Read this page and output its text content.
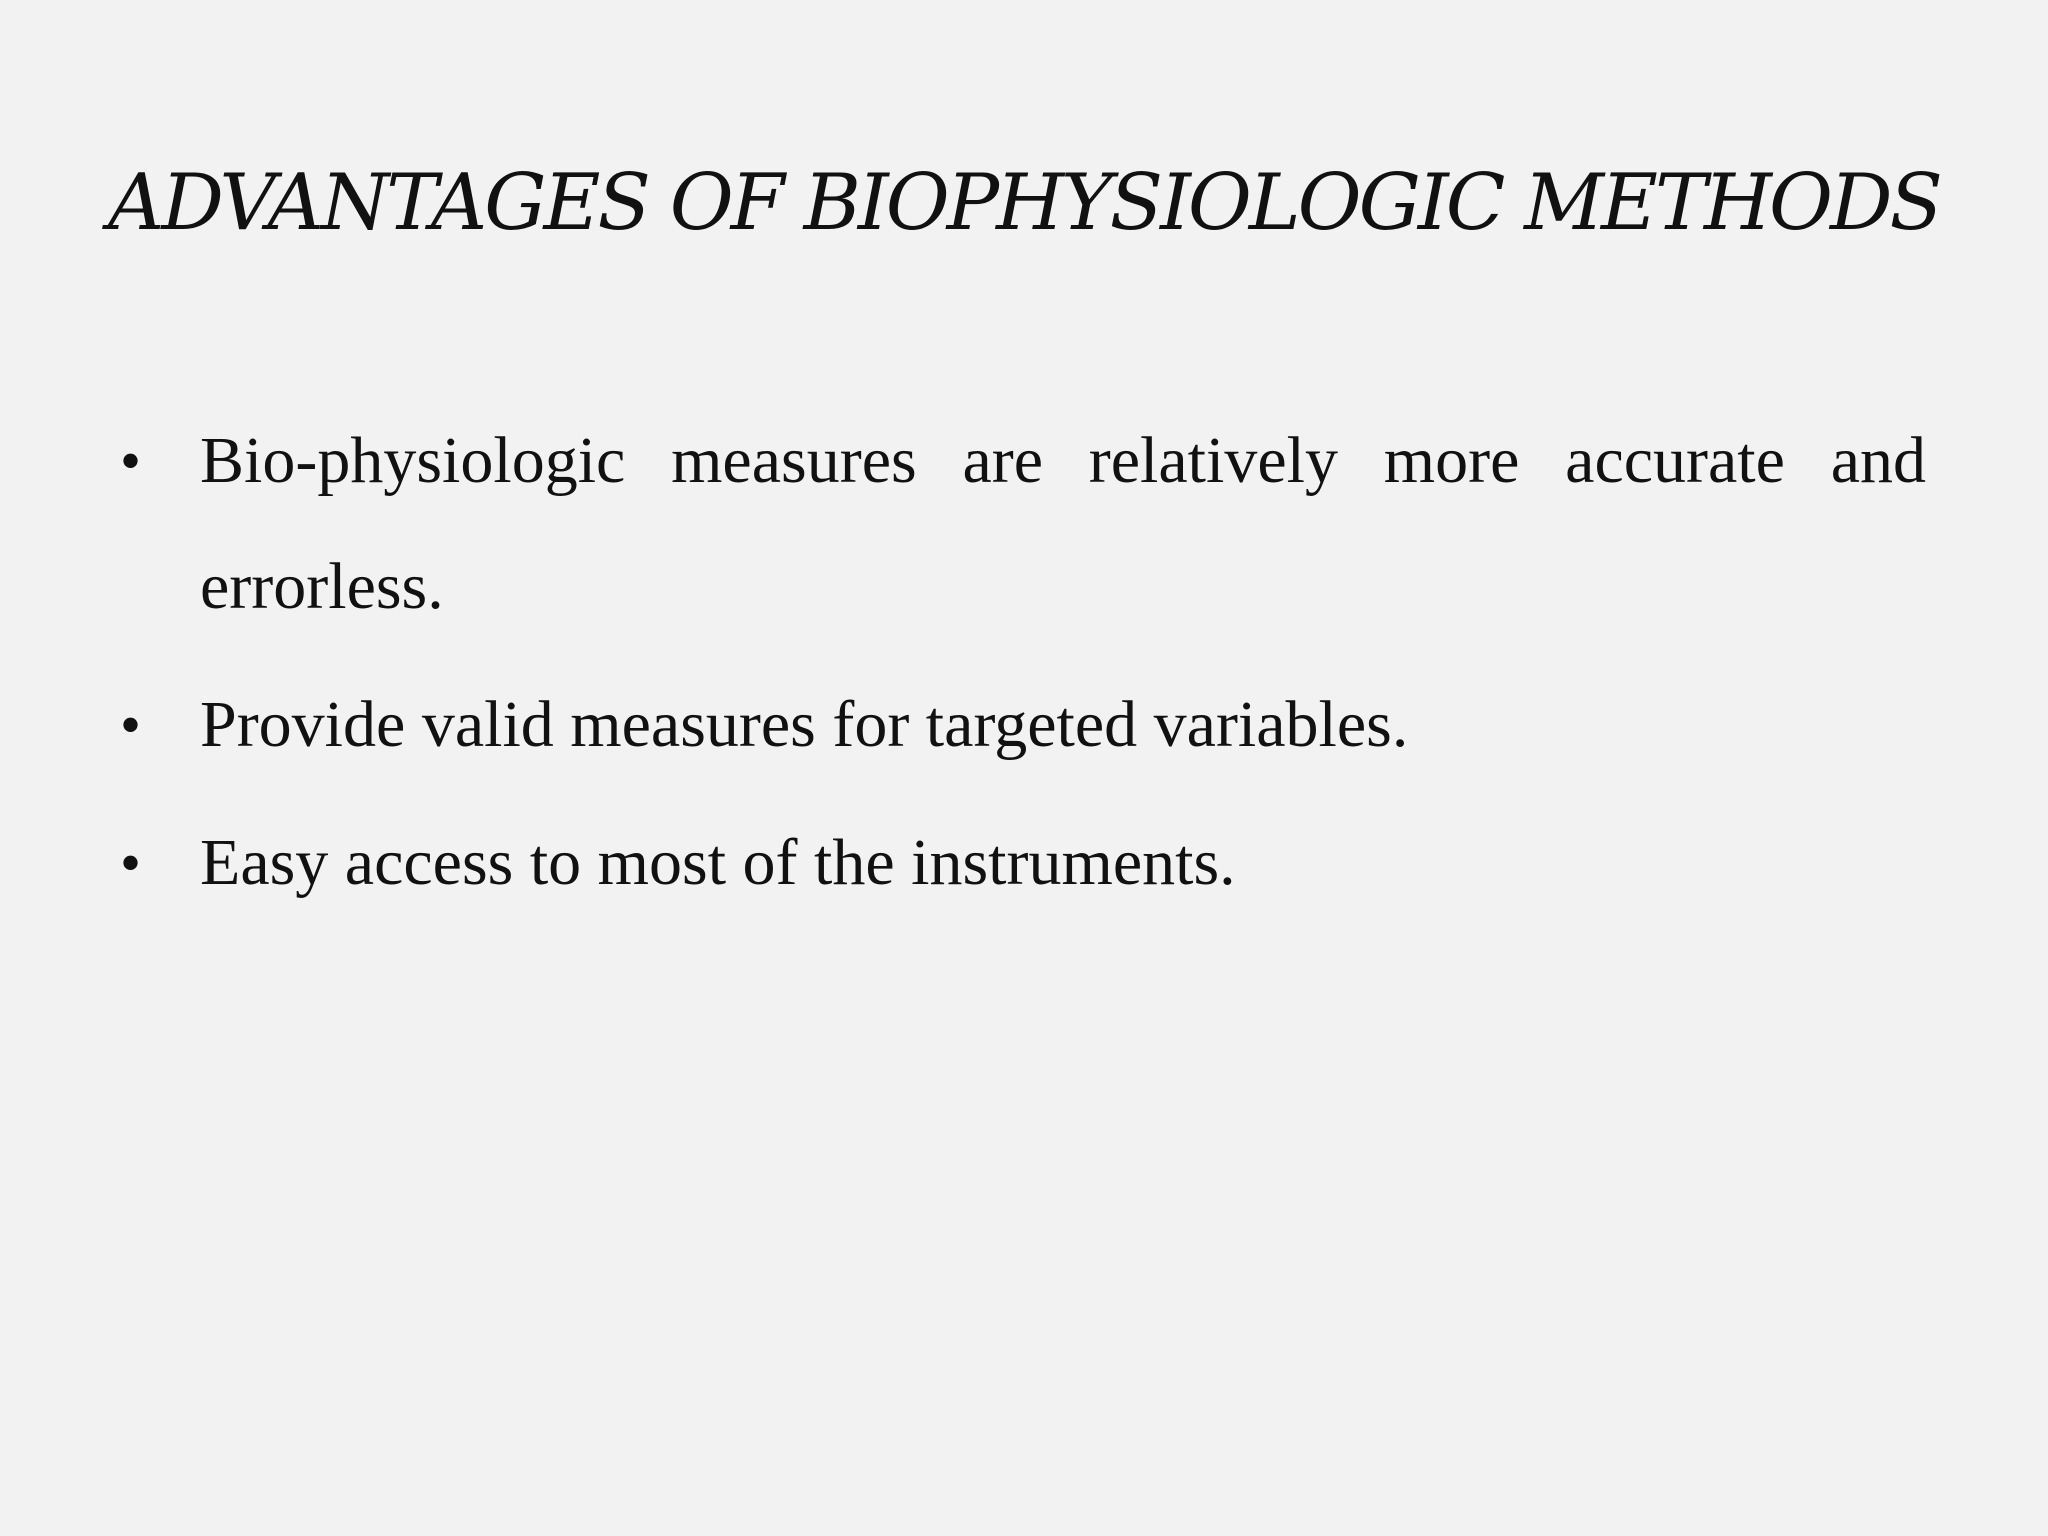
ADVANTAGES OF BIOPHYSIOLOGIC METHODS
• Bio-physiologic measures are relatively more accurate and errorless.
• Provide valid measures for targeted variables.
• Easy access to most of the instruments.
